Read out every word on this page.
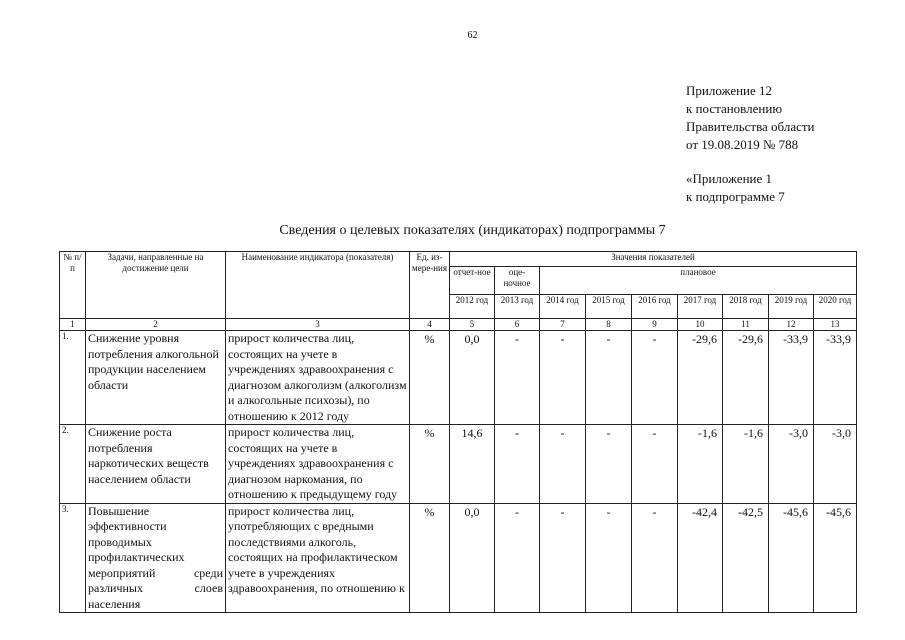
62
Приложение 12
к постановлению
Правительства области
от 19.08.2019 № 788
«Приложение 1
к подпрограмме 7
Сведения о целевых показателях (индикаторах) подпрограммы 7
№ п/п	Задачи, направленные на достижение цели	Наименование индикатора (показателя)	Ед. из-мере-ния	Значения показателей								
				отчет-ное	оце-ночное	плановое						
				2012 год	2013 год	2014 год	2015 год	2016 год	2017 год	2018 год	2019 год	2020 год
1	2	3	4	5	6	7	8	9	10	11	12	13
1.	Снижение уровня потребления алкогольной продукции населением области	прирост количества лиц, состоящих на учете в учреждениях здравоохранения с диагнозом алкоголизм (алкоголизм и алкогольные психозы), по отношению к 2012 году	%	0,0	-	-	-	-	-29,6	-29,6	-33,9	-33,9
2.	Снижение роста потребления наркотических веществ населением области	прирост количества лиц, состоящих на учете в учреждениях здравоохранения с диагнозом наркомания, по отношению к предыдущему году	%	14,6	-	-	-	-	-1,6	-1,6	-3,0	-3,0
3.	Повышение эффективности проводимых профилактических мероприятий среди различных слоев населения	прирост количества лиц, употребляющих с вредными последствиями алкоголь, состоящих на профилактическом учете в учреждениях здравоохранения, по отношению к	%	0,0	-	-	-	-	-42,4	-42,5	-45,6	-45,6
